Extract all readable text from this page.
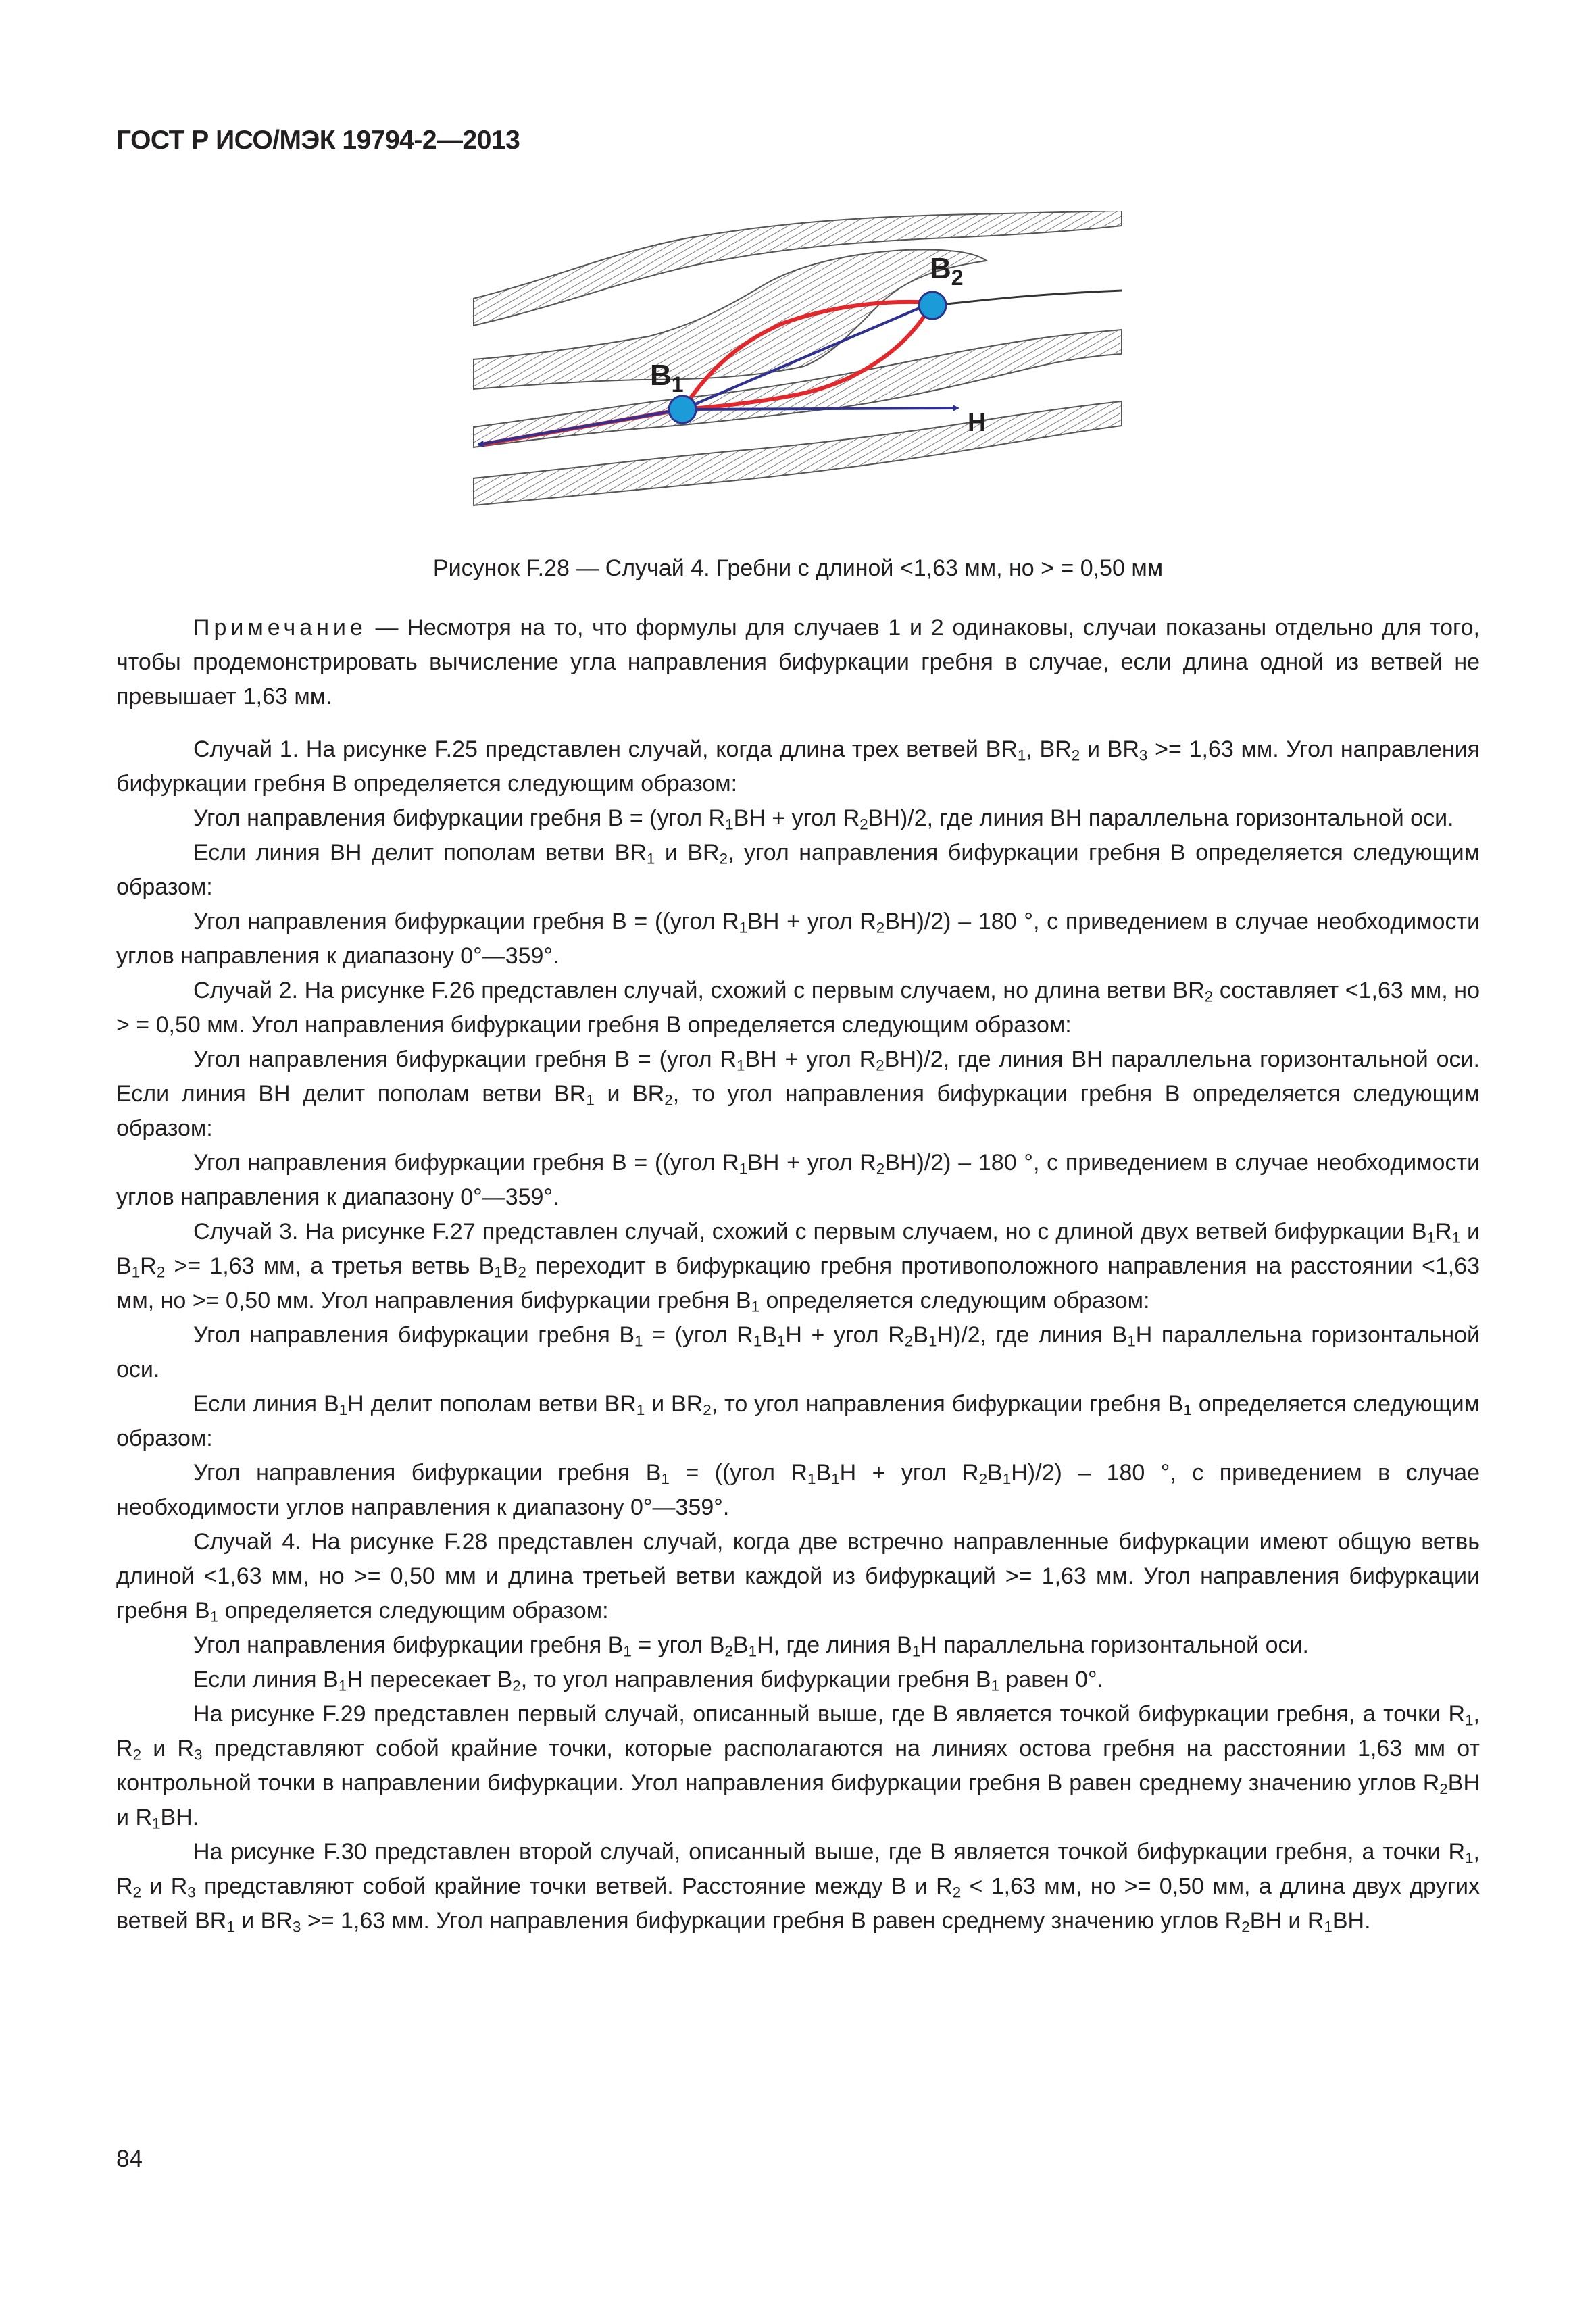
ГОСТ Р ИСО/МЭК 19794-2—2013
$B_1$
$B_2$
H
Рисунок F.28 — Случай 4. Гребни с длиной <1,63 мм, но > = 0,50 мм

Примечание — Несмотря на то, что формулы для случаев 1 и 2 одинаковы, случаи показаны отдельно для того, чтобы продемонстрировать вычисление угла направления бифуркации гребня в случае, если длина одной из ветвей не превышает 1,63 мм.

Случай 1. На рисунке F.25 представлен случай, когда длина трех ветвей $BR_1$, $BR_2$ и $BR_3 >= 1,63$ мм. Угол направления бифуркации гребня B определяется следующим образом:

Угол направления бифуркации гребня B = (угол $R_1BH$ + угол $R_2BH)/2$, где линия BH параллельна горизонтальной оси.

Если линия BH делит пополам ветви $BR_1$ и $BR_2$, угол направления бифуркации гребня B определяется следующим образом:

Угол направления бифуркации гребня B = ((угол $R_1BH$ + угол $R_2BH)/2) - 180$ °, с приведением в случае необходимости углов направления к диапазону 0°—359°.

Случай 2. На рисунке F.26 представлен случай, схожий с первым случаем, но длина ветви $BR_2$ составляет <1,63 мм, но > = 0,50 мм. Угол направления бифуркации гребня B определяется следующим образом:

Угол направления бифуркации гребня B = (угол $R_1BH$ + угол $R_2BH)/2$, где линия BH параллельна горизонтальной оси. Если линия BH делит пополам ветви $BR_1$ и $BR_2$, то угол направления бифуркации гребня B определяется следующим образом:

Угол направления бифуркации гребня B = ((угол $R_1BH$ + угол $R_2BH)/2) - 180$ °, с приведением в случае необходимости углов направления к диапазону 0°—359°.

Случай 3. На рисунке F.27 представлен случай, схожий с первым случаем, но с длиной двух ветвей бифуркации $B_1R_1$ и $B_1R_2 >= 1,63$ мм, а третья ветвь $B_1B_2$ переходит в бифуркацию гребня противоположного направления на расстоянии <1,63 мм, но >= 0,50 мм. Угол направления бифуркации гребня $B_1$ определяется следующим образом:

Угол направления бифуркации гребня $B_1$ = (угол $R_1B_1H$ + угол $R_2B_1H)/2$, где линия $B_1H$ параллельна горизонтальной оси.

Если линия $B_1H$ делит пополам ветви $BR_1$ и $BR_2$, то угол направления бифуркации гребня $B_1$ определяется следующим образом:

Угол направления бифуркации гребня $B_1$ = ((угол $R_1B_1H$ + угол $R_2B_1H)/2) - 180$ °, с приведением в случае необходимости углов направления к диапазону 0°—359°.

Случай 4. На рисунке F.28 представлен случай, когда две встречно направленные бифуркации имеют общую ветвь длиной <1,63 мм, но >= 0,50 мм и длина третьей ветви каждой из бифуркаций >= 1,63 мм. Угол направления бифуркации гребня $B_1$ определяется следующим образом:

Угол направления бифуркации гребня $B_1$ = угол $B_2B_1H$, где линия $B_1H$ параллельна горизонтальной оси.

Если линия $B_1H$ пересекает $B_2$, то угол направления бифуркации гребня $B_1$ равен 0°.

На рисунке F.29 представлен первый случай, описанный выше, где B является точкой бифуркации гребня, а точки $R_1$, $R_2$ и $R_3$ представляют собой крайние точки, которые располагаются на линиях остова гребня на расстоянии 1,63 мм от контрольной точки в направлении бифуркации. Угол направления бифуркации гребня B равен среднему значению углов $R_2BH$ и $R_1BH$.

На рисунке F.30 представлен второй случай, описанный выше, где B является точкой бифуркации гребня, а точки $R_1$, $R_2$ и $R_3$ представляют собой крайние точки ветвей. Расстояние между B и $R_2 < 1,63$ мм, но >= 0,50 мм, а длина двух других ветвей $BR_1$ и $BR_3 >= 1,63$ мм. Угол направления бифуркации гребня B равен среднему значению углов $R_2BH$ и $R_1BH$.

84
